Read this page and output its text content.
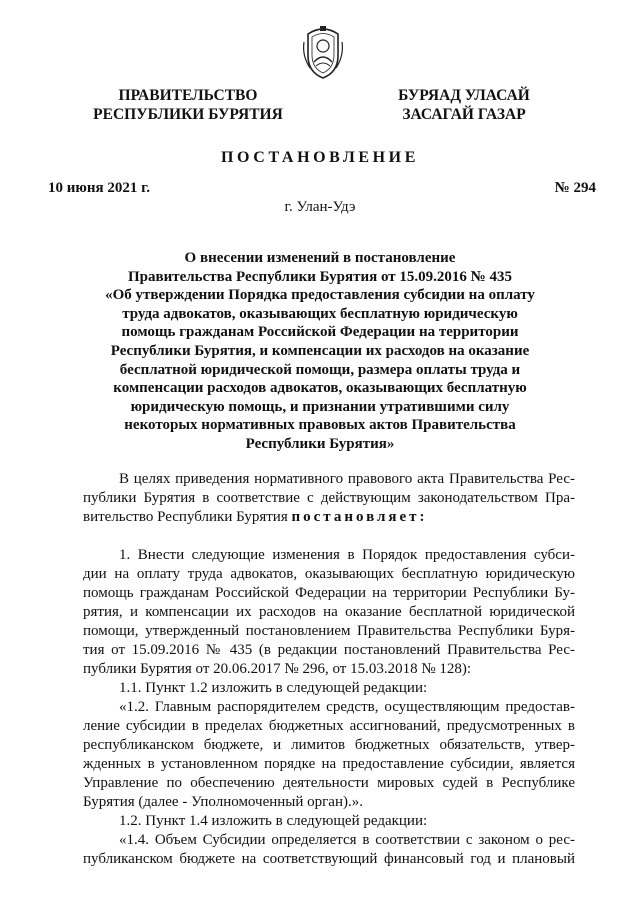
ПРАВИТЕЛЬСТВО
РЕСПУБЛИКИ БУРЯТИЯ
БУРЯАД УЛАСАЙ
ЗАСАГАЙ ГАЗАР
ПОСТАНОВЛЕНИЕ
10 июня 2021 г.	№ 294
г. Улан-Удэ
О внесении изменений в постановление
Правительства Республики Бурятия от 15.09.2016 № 435
«Об утверждении Порядка предоставления субсидии на оплату
труда адвокатов, оказывающих бесплатную юридическую
помощь гражданам Российской Федерации на территории
Республики Бурятия, и компенсации их расходов на оказание
бесплатной юридической помощи, размера оплаты труда и
компенсации расходов адвокатов, оказывающих бесплатную
юридическую помощь, и признании утратившими силу
некоторых нормативных правовых актов Правительства
Республики Бурятия»
В целях приведения нормативного правового акта Правительства Рес-
публики Бурятия в соответствие с действующим законодательством Пра-
вительство Республики Бурятия постановляет:
1. Внести следующие изменения в Порядок предоставления субси-
дии на оплату труда адвокатов, оказывающих бесплатную юридическую
помощь гражданам Российской Федерации на территории Республики Бу-
рятия, и компенсации их расходов на оказание бесплатной юридической
помощи, утвержденный постановлением Правительства Республики Буря-
тия от 15.09.2016 № 435 (в редакции постановлений Правительства Рес-
публики Бурятия от 20.06.2017 № 296, от 15.03.2018 № 128):
1.1. Пункт 1.2 изложить в следующей редакции:
«1.2. Главным распорядителем средств, осуществляющим предостав-
ление субсидии в пределах бюджетных ассигнований, предусмотренных в
республиканском бюджете, и лимитов бюджетных обязательств, утвер-
жденных в установленном порядке на предоставление субсидии, является
Управление по обеспечению деятельности мировых судей в Республике
Бурятия (далее - Уполномоченный орган).».
1.2. Пункт 1.4 изложить в следующей редакции:
«1.4. Объем Субсидии определяется в соответствии с законом о рес-
публиканском бюджете на соответствующий финансовый год и плановый
